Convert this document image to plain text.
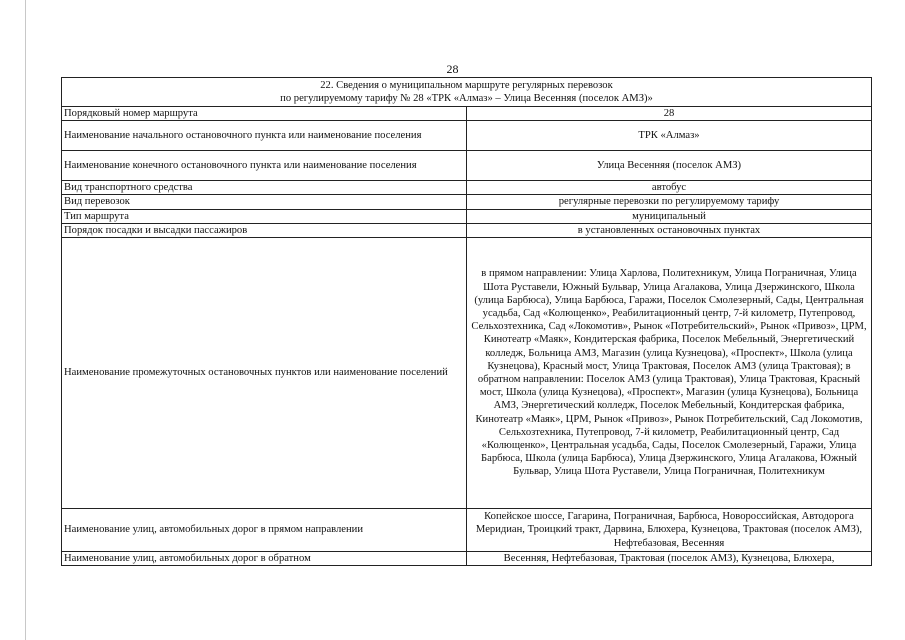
28
22. Сведения о муниципальном маршруте регулярных перевозок
по регулируемому тарифу № 28 «ТРК «Алмаз» – Улица Весенняя (поселок АМЗ)»	

Порядковый номер маршрута	28
Наименование начального остановочного пункта или наименование поселения	ТРК «Алмаз»
Наименование конечного остановочного пункта или наименование поселения	Улица Весенняя (поселок АМЗ)
Вид транспортного средства	автобус
Вид перевозок	регулярные перевозки по регулируемому тарифу
Тип маршрута	муниципальный
Порядок посадки и высадки пассажиров	в установленных остановочных пунктах
Наименование промежуточных остановочных пунктов или наименование поселений	в прямом направлении: Улица Харлова, Политехникум, Улица Пограничная, Улица Шота Руставели, Южный Бульвар, Улица Агалакова, Улица Дзержинского, Школа (улица Барбюса), Улица Барбюса, Гаражи, Поселок Смолезерный, Сады, Центральная усадьба, Сад «Колющенко», Реабилитационный центр, 7-й километр, Путепровод, Сельхозтехника, Сад «Локомотив», Рынок «Потребительский», Рынок «Привоз», ЦРМ, Кинотеатр «Маяк», Кондитерская фабрика, Поселок Мебельный, Энергетический колледж, Больница АМЗ, Магазин (улица Кузнецова), «Проспект», Школа (улица Кузнецова), Красный мост, Улица Трактовая, Поселок АМЗ (улица Трактовая); в обратном направлении: Поселок АМЗ (улица Трактовая), Улица Трактовая, Красный мост, Школа (улица Кузнецова), «Проспект», Магазин (улица Кузнецова), Больница АМЗ, Энергетический колледж, Поселок Мебельный, Кондитерская фабрика, Кинотеатр «Маяк», ЦРМ, Рынок «Привоз», Рынок Потребительский, Сад Локомотив, Сельхозтехника, Путепровод, 7-й километр, Реабилитационный центр, Сад «Колющенко», Центральная усадьба, Сады, Поселок Смолезерный, Гаражи, Улица Барбюса, Школа (улица Барбюса), Улица Дзержинского, Улица Агалакова, Южный Бульвар, Улица Шота Руставели, Улица Пограничная, Политехникум
Наименование улиц, автомобильных дорог в прямом направлении	Копейское шоссе, Гагарина, Пограничная, Барбюса, Новороссийская, Автодорога Меридиан, Троицкий тракт, Дарвина, Блюхера, Кузнецова, Трактовая (поселок АМЗ), Нефтебазовая, Весенняя
Наименование улиц, автомобильных дорог в обратном	Весенняя, Нефтебазовая, Трактовая (поселок АМЗ), Кузнецова, Блюхера,
